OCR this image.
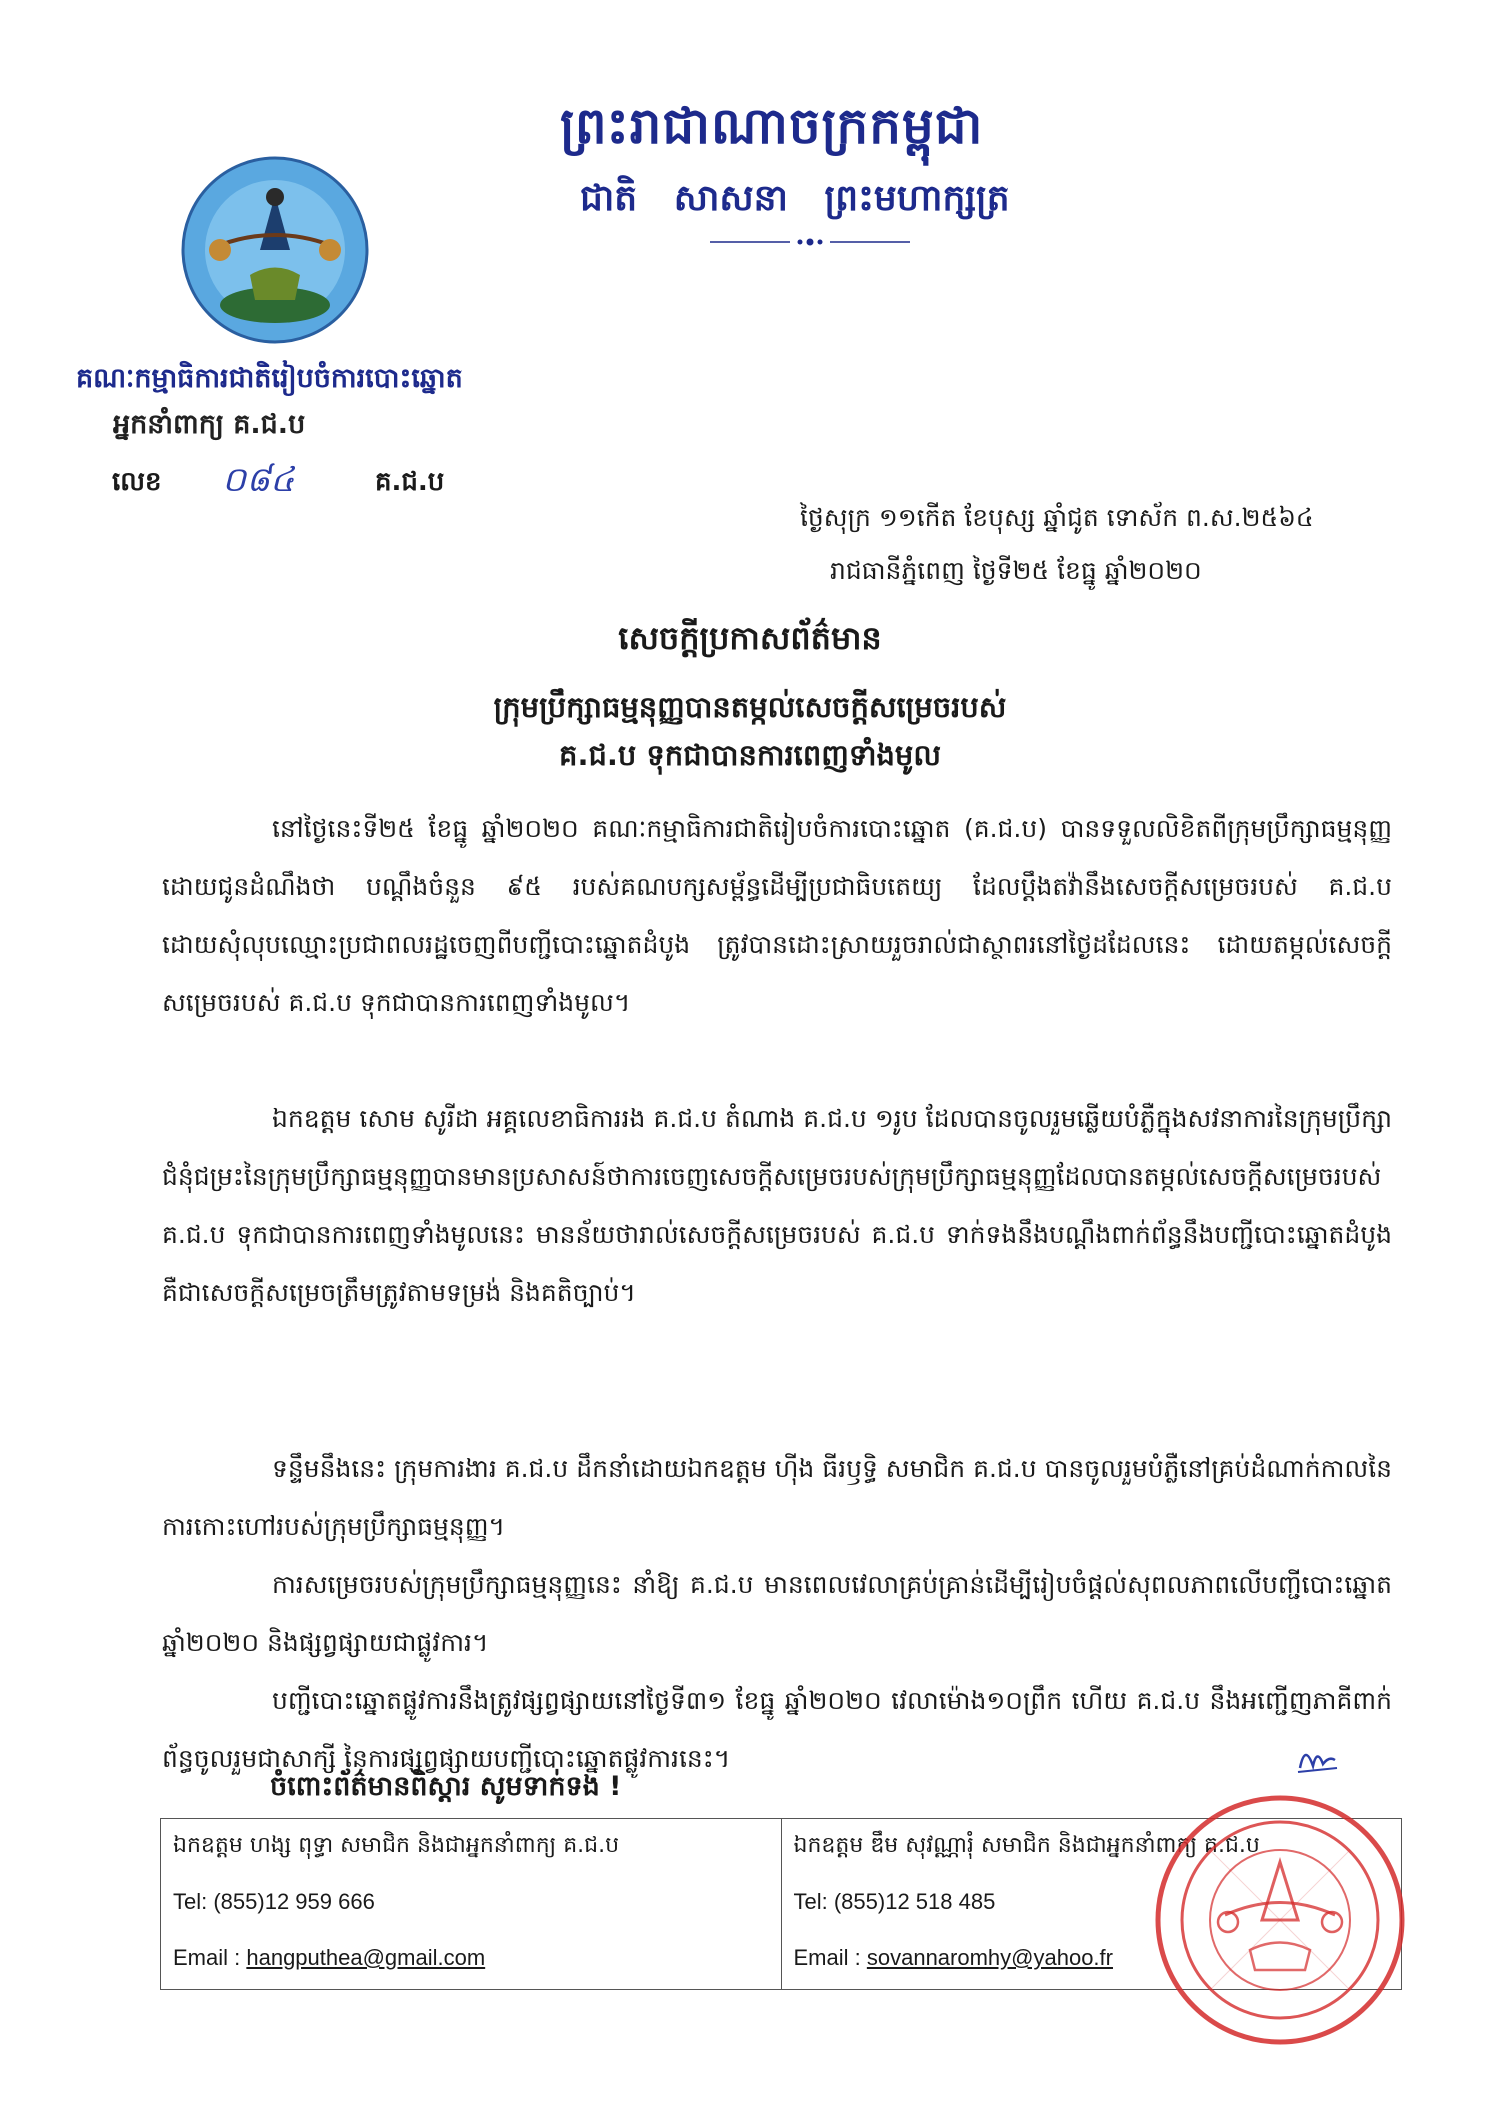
ព្រះរាជាណាចក្រកម្ពុជា
ជាតិ សាសនា ព្រះមហាក្សត្រ
គណៈកម្មាធិការជាតិរៀបចំការបោះឆ្នោត
អ្នកនាំពាក្យ គ.ជ.ប
លេខ ០៨៤	គ.ជ.ប
ថ្ងៃសុក្រ ១១កើត ខែបុស្ស ឆ្នាំជូត ទោស័ក ព.ស.២៥៦៤
រាជធានីភ្នំពេញ ថ្ងៃទី២៥ ខែធ្នូ ឆ្នាំ២០២០
សេចក្តីប្រកាសព័ត៌មាន
ក្រុមប្រឹក្សាធម្មនុញ្ញបានតម្កល់សេចក្តីសម្រេចរបស់
គ.ជ.ប ទុកជាបានការពេញទាំងមូល

នៅថ្ងៃនេះទី២៥ ខែធ្នូ ឆ្នាំ២០២០ គណៈកម្មាធិការជាតិរៀបចំការបោះឆ្នោត (គ.ជ.ប) បានទទួលលិខិតពីក្រុមប្រឹក្សាធម្មនុញ្ញដោយជូនដំណឹងថា បណ្តឹងចំនួន ៩៥ របស់គណបក្សសម្ព័ន្ធដើម្បីប្រជាធិបតេយ្យ ដែលប្តឹងតវ៉ានឹងសេចក្តីសម្រេចរបស់ គ.ជ.ប ដោយសុំលុបឈ្មោះប្រជាពលរដ្ឋចេញពីបញ្ជីបោះឆ្នោតដំបូង ត្រូវបានដោះស្រាយរួចរាល់ជាស្ថាពរនៅថ្ងៃដដែលនេះ ដោយតម្កល់សេចក្តីសម្រេចរបស់ គ.ជ.ប ទុកជាបានការពេញទាំងមូល។

ឯកឧត្តម សោម សូរីដា អគ្គលេខាធិការរង គ.ជ.ប តំណាង គ.ជ.ប ១រូប ដែលបានចូលរួមឆ្លើយបំភ្លឺក្នុងសវនាការនៃក្រុមប្រឹក្សាជំនុំជម្រះនៃក្រុមប្រឹក្សាធម្មនុញ្ញបានមានប្រសាសន៍ថាការចេញសេចក្តីសម្រេចរបស់ក្រុមប្រឹក្សាធម្មនុញ្ញដែលបានតម្កល់សេចក្តីសម្រេចរបស់ គ.ជ.ប ទុកជាបានការពេញទាំងមូលនេះ មានន័យថារាល់សេចក្តីសម្រេចរបស់ គ.ជ.ប ទាក់ទងនឹងបណ្តឹងពាក់ព័ន្ធនឹងបញ្ជីបោះឆ្នោតដំបូង គឺជាសេចក្តីសម្រេចត្រឹមត្រូវតាមទម្រង់ និងគតិច្បាប់។

ទន្ទឹមនឹងនេះ ក្រុមការងារ គ.ជ.ប ដឹកនាំដោយឯកឧត្តម ហ៊ីង ធីរឫទ្ធិ សមាជិក គ.ជ.ប បានចូលរួមបំភ្លឺនៅគ្រប់ដំណាក់កាលនៃការកោះហៅរបស់ក្រុមប្រឹក្សាធម្មនុញ្ញ។

ការសម្រេចរបស់ក្រុមប្រឹក្សាធម្មនុញ្ញនេះ នាំឱ្យ គ.ជ.ប មានពេលវេលាគ្រប់គ្រាន់ដើម្បីរៀបចំផ្តល់សុពលភាពលើបញ្ជីបោះឆ្នោត ឆ្នាំ២០២០ និងផ្សព្វផ្សាយជាផ្លូវការ។

បញ្ជីបោះឆ្នោតផ្លូវការនឹងត្រូវផ្សព្វផ្សាយនៅថ្ងៃទី៣១ ខែធ្នូ ឆ្នាំ២០២០ វេលាម៉ោង១០ព្រឹក ហើយ គ.ជ.ប នឹងអញ្ជើញភាគីពាក់ព័ន្ធចូលរួមជាសាក្សី នៃការផ្សព្វផ្សាយបញ្ជីបោះឆ្នោតផ្លូវការនេះ។

ចំពោះព័ត៌មានពិស្តារ សូមទាក់ទង !
ឯកឧត្តម ហង្ស ពុទ្ធា សមាជិក និងជាអ្នកនាំពាក្យ គ.ជ.ប
Tel: (855)12 959 666
Email : hangputhea@gmail.com
ឯកឧត្តម ឌឹម សុវណ្ណារុំ សមាជិក និងជាអ្នកនាំពាក្យ គ.ជ.ប
Tel: (855)12 518 485
Email : sovannaromhy@yahoo.fr
